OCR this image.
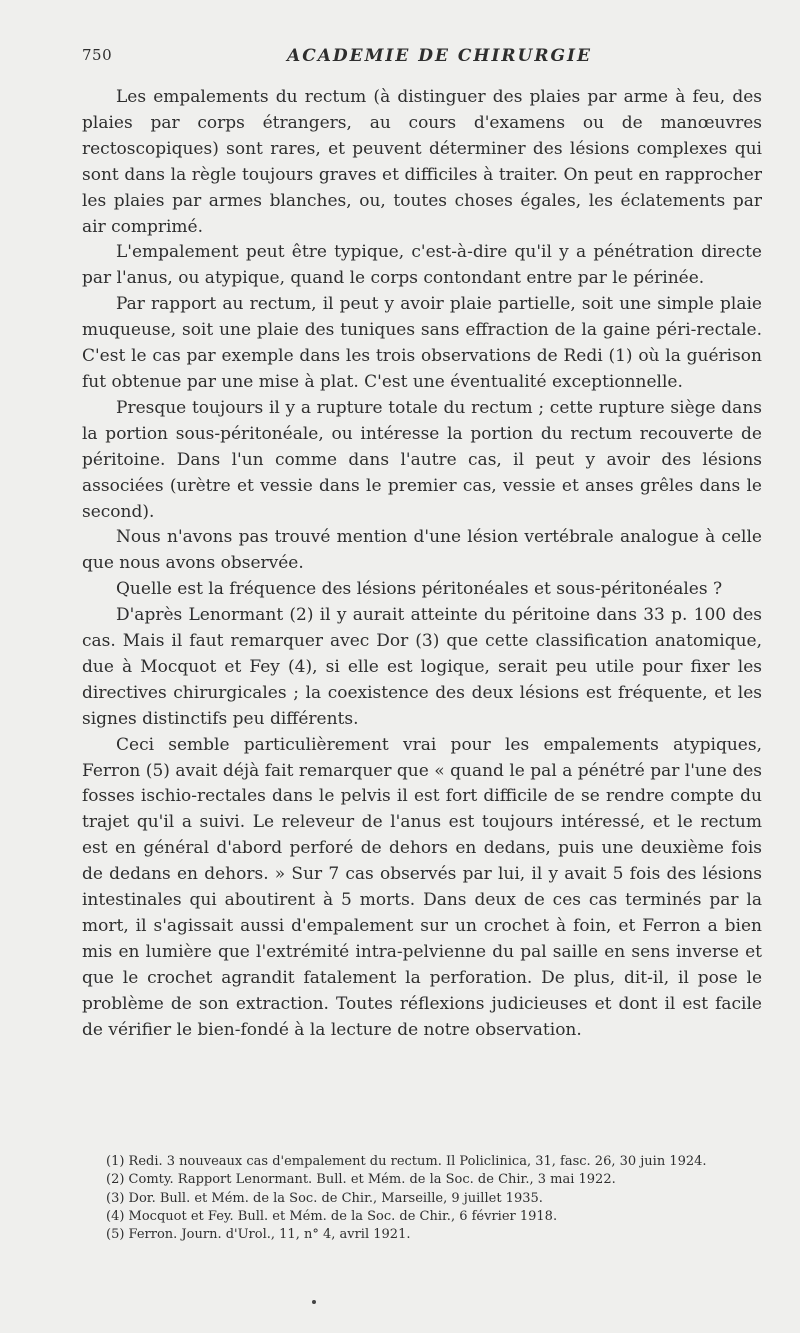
750	ACADEMIE DE CHIRURGIE

Les empalements du rectum (à distinguer des plaies par arme à feu, des plaies par corps étrangers, au cours d'examens ou de manœuvres rectoscopiques) sont rares, et peuvent déterminer des lésions complexes qui sont dans la règle toujours graves et difficiles à traiter. On peut en rapprocher les plaies par armes blanches, ou, toutes choses égales, les éclatements par air comprimé.

L'empalement peut être typique, c'est-à-dire qu'il y a pénétration directe par l'anus, ou atypique, quand le corps contondant entre par le périnée.

Par rapport au rectum, il peut y avoir plaie partielle, soit une simple plaie muqueuse, soit une plaie des tuniques sans effraction de la gaine péri-rectale. C'est le cas par exemple dans les trois observations de Redi (1) où la guérison fut obtenue par une mise à plat. C'est une éventualité exceptionnelle.

Presque toujours il y a rupture totale du rectum ; cette rupture siège dans la portion sous-péritonéale, ou intéresse la portion du rectum recouverte de péritoine. Dans l'un comme dans l'autre cas, il peut y avoir des lésions associées (urètre et vessie dans le premier cas, vessie et anses grêles dans le second).

Nous n'avons pas trouvé mention d'une lésion vertébrale analogue à celle que nous avons observée.

Quelle est la fréquence des lésions péritonéales et sous-péritonéales ?

D'après Lenormant (2) il y aurait atteinte du péritoine dans 33 p. 100 des cas. Mais il faut remarquer avec Dor (3) que cette classification anatomique, due à Mocquot et Fey (4), si elle est logique, serait peu utile pour fixer les directives chirurgicales ; la coexistence des deux lésions est fréquente, et les signes distinctifs peu différents.

Ceci semble particulièrement vrai pour les empalements atypiques, Ferron (5) avait déjà fait remarquer que « quand le pal a pénétré par l'une des fosses ischio-rectales dans le pelvis il est fort difficile de se rendre compte du trajet qu'il a suivi. Le releveur de l'anus est toujours intéressé, et le rectum est en général d'abord perforé de dehors en dedans, puis une deuxième fois de dedans en dehors. » Sur 7 cas observés par lui, il y avait 5 fois des lésions intestinales qui aboutirent à 5 morts. Dans deux de ces cas terminés par la mort, il s'agissait aussi d'empalement sur un crochet à foin, et Ferron a bien mis en lumière que l'extrémité intra-pelvienne du pal saille en sens inverse et que le crochet agrandit fatalement la perforation. De plus, dit-il, il pose le problème de son extraction. Toutes réflexions judicieuses et dont il est facile de vérifier le bien-fondé à la lecture de notre observation.

(1) Redi. 3 nouveaux cas d'empalement du rectum. Il Policlinica, 31, fasc. 26, 30 juin 1924.

(2) Comty. Rapport Lenormant. Bull. et Mém. de la Soc. de Chir., 3 mai 1922.

(3) Dor. Bull. et Mém. de la Soc. de Chir., Marseille, 9 juillet 1935.

(4) Mocquot et Fey. Bull. et Mém. de la Soc. de Chir., 6 février 1918.

(5) Ferron. Journ. d'Urol., 11, n° 4, avril 1921.
